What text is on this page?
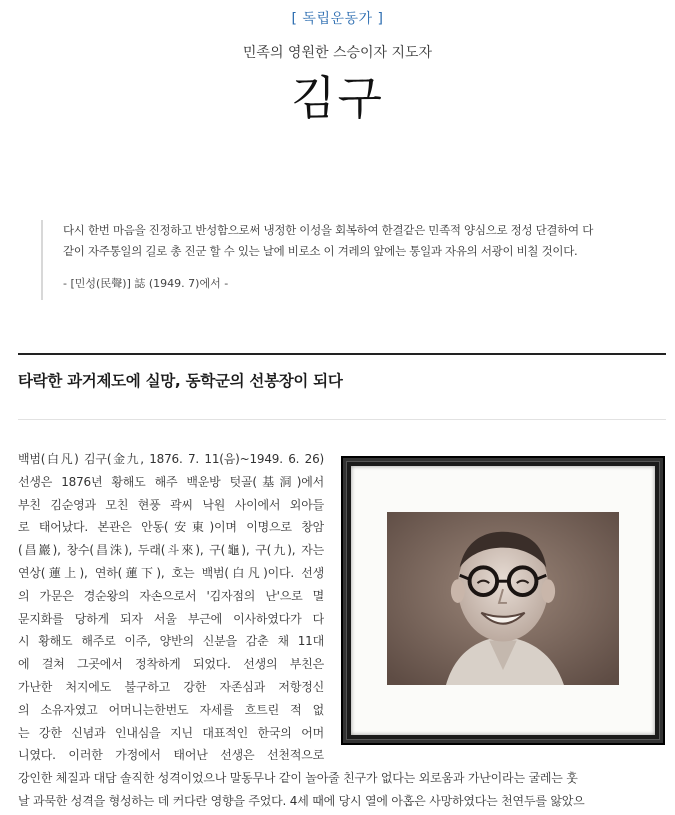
[ 독립운동가 ]
민족의 영원한 스승이자 지도자
김구

다시 한번 마음을 진정하고 반성함으로써 냉정한 이성을 회복하여 한결같은 민족적 양심으로 정성 단결하여 다
같이 자주통일의 길로 총 진군 할 수 있는 날에 비로소 이 겨레의 앞에는 통일과 자유의 서광이 비칠 것이다.

- [민성(民聲)] 誌 (1949. 7)에서 -
타락한 과거제도에 실망, 동학군의 선봉장이 되다
백범(白凡) 김구(金九, 1876. 7. 11(음)~1949. 6. 26)
선생은 1876년 황해도 해주 백운방 텃골(基洞)에서
부친 김순영과 모친 현풍 곽씨 낙원 사이에서 외아들
로 태어났다. 본관은 안동(安東)이며 이명으로 창암
(昌巖), 창수(昌洙), 두래(斗來), 구(龜), 구(九), 자는
연상(蓮上), 연하(蓮下), 호는 백범(白凡)이다. 선생
의 가문은 경순왕의 자손으로서 '김자점의 난'으로 멸
문지화를 당하게 되자 서울 부근에 이사하였다가 다
시 황해도 해주로 이주, 양반의 신분을 감춘 채 11대
에 걸쳐 그곳에서 정착하게 되었다. 선생의 부친은
가난한 처지에도 불구하고 강한 자존심과 저항정신
의 소유자였고 어머니는한번도 자세를 흐트린 적 없
는 강한 신념과 인내심을 지닌 대표적인 한국의 어머
니였다. 이러한 가정에서 태어난 선생은 선천적으로
강인한 체질과 대담 솔직한 성격이었으나 말동무나 같이 놀아줄 친구가 없다는 외로움과 가난이라는 굴레는 훗
날 과묵한 성격을 형성하는 데 커다란 영향을 주었다. 4세 때에 당시 열에 아홉은 사망하였다는 천연두를 앓았으
